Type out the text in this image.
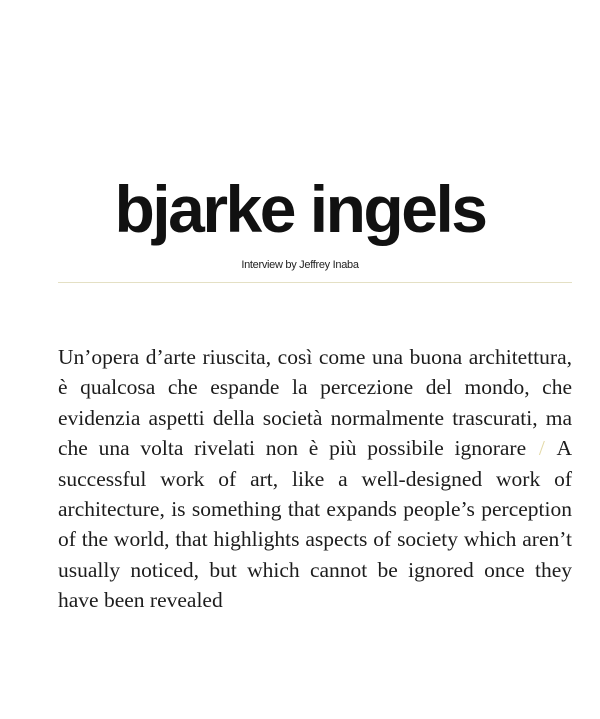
bjarke ingels
Interview by Jeffrey Inaba

Un’opera d’arte riuscita, così come una buona architettura, è qualcosa che espande la percezione del mondo, che evidenzia aspetti della società normalmente trascurati, ma che una volta rivelati non è più possibile ignorare / A successful work of art, like a well-designed work of architecture, is something that expands people’s perception of the world, that highlights aspects of society which aren’t usually noticed, but which cannot be ignored once they have been revealed
